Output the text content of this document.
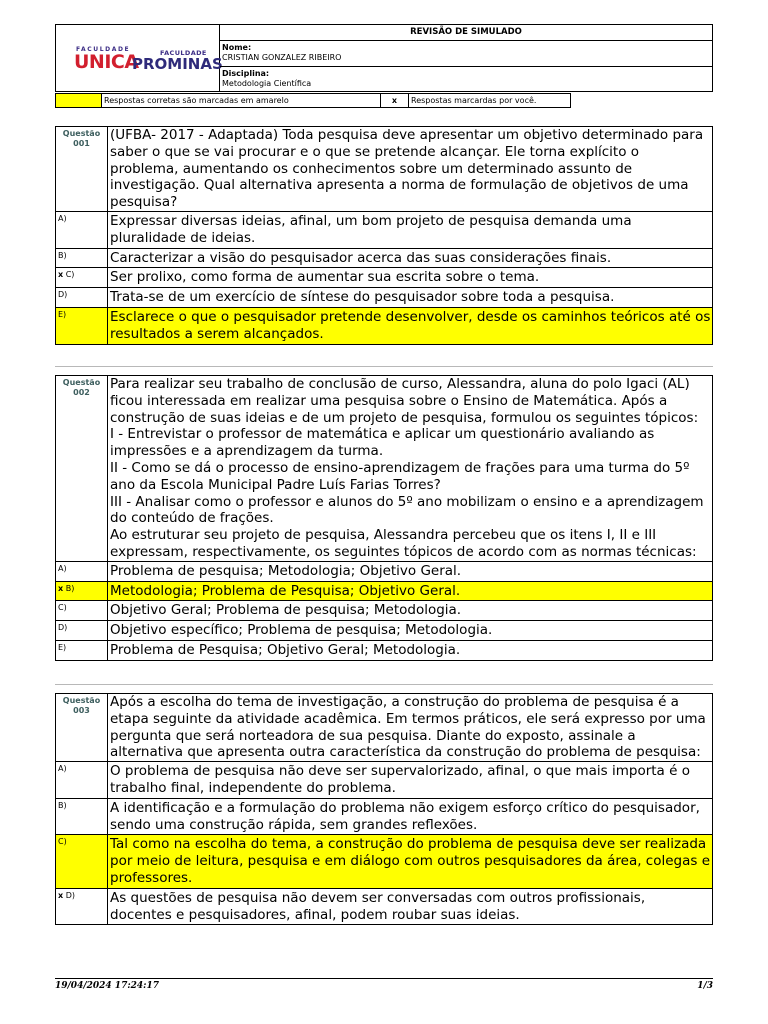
FACULDADE	FACULDADE
UNICA
PROMINAS
REVISÃO DE SIMULADO
Nome:
CRISTIAN GONZALEZ RIBEIRO
Disciplina:
Metodologia Científica
Respostas corretas são marcadas em amarelo	x	Respostas marcardas por você.
Questão
001
(UFBA- 2017 - Adaptada) Toda pesquisa deve apresentar um objetivo determinado para saber o que se vai procurar e o que se pretende alcançar. Ele torna explícito o problema, aumentando os conhecimentos sobre um determinado assunto de investigação. Qual alternativa apresenta a norma de formulação de objetivos de uma pesquisa?
A)	Expressar diversas ideias, afinal, um bom projeto de pesquisa demanda uma pluralidade de ideias.
B)	Caracterizar a visão do pesquisador acerca das suas considerações finais.
x C)	Ser prolixo, como forma de aumentar sua escrita sobre o tema.
D)	Trata-se de um exercício de síntese do pesquisador sobre toda a pesquisa.
E)	Esclarece o que o pesquisador pretende desenvolver, desde os caminhos teóricos até os resultados a serem alcançados.
Questão
002
Para realizar seu trabalho de conclusão de curso, Alessandra, aluna do polo Igaci (AL) ficou interessada em realizar uma pesquisa sobre o Ensino de Matemática. Após a construção de suas ideias e de um projeto de pesquisa, formulou os seguintes tópicos:
I - Entrevistar o professor de matemática e aplicar um questionário avaliando as impressões e a aprendizagem da turma.
II - Como se dá o processo de ensino-aprendizagem de frações para uma turma do 5º ano da Escola Municipal Padre Luís Farias Torres?
III - Analisar como o professor e alunos do 5º ano mobilizam o ensino e a aprendizagem do conteúdo de frações.
Ao estruturar seu projeto de pesquisa, Alessandra percebeu que os itens I, II e III expressam, respectivamente, os seguintes tópicos de acordo com as normas técnicas:
A)	Problema de pesquisa; Metodologia; Objetivo Geral.
x B)	Metodologia; Problema de Pesquisa; Objetivo Geral.
C)	Objetivo Geral; Problema de pesquisa; Metodologia.
D)	Objetivo específico; Problema de pesquisa; Metodologia.
E)	Problema de Pesquisa; Objetivo Geral; Metodologia.
Questão
003
Após a escolha do tema de investigação, a construção do problema de pesquisa é a etapa seguinte da atividade acadêmica. Em termos práticos, ele será expresso por uma pergunta que será norteadora de sua pesquisa. Diante do exposto, assinale a alternativa que apresenta outra característica da construção do problema de pesquisa:
A)	O problema de pesquisa não deve ser supervalorizado, afinal, o que mais importa é o trabalho final, independente do problema.
B)	A identificação e a formulação do problema não exigem esforço crítico do pesquisador, sendo uma construção rápida, sem grandes reflexões.
C)	Tal como na escolha do tema, a construção do problema de pesquisa deve ser realizada por meio de leitura, pesquisa e em diálogo com outros pesquisadores da área, colegas e professores.
x D)	As questões de pesquisa não devem ser conversadas com outros profissionais, docentes e pesquisadores, afinal, podem roubar suas ideias.
19/04/2024 17:24:17	1/3
